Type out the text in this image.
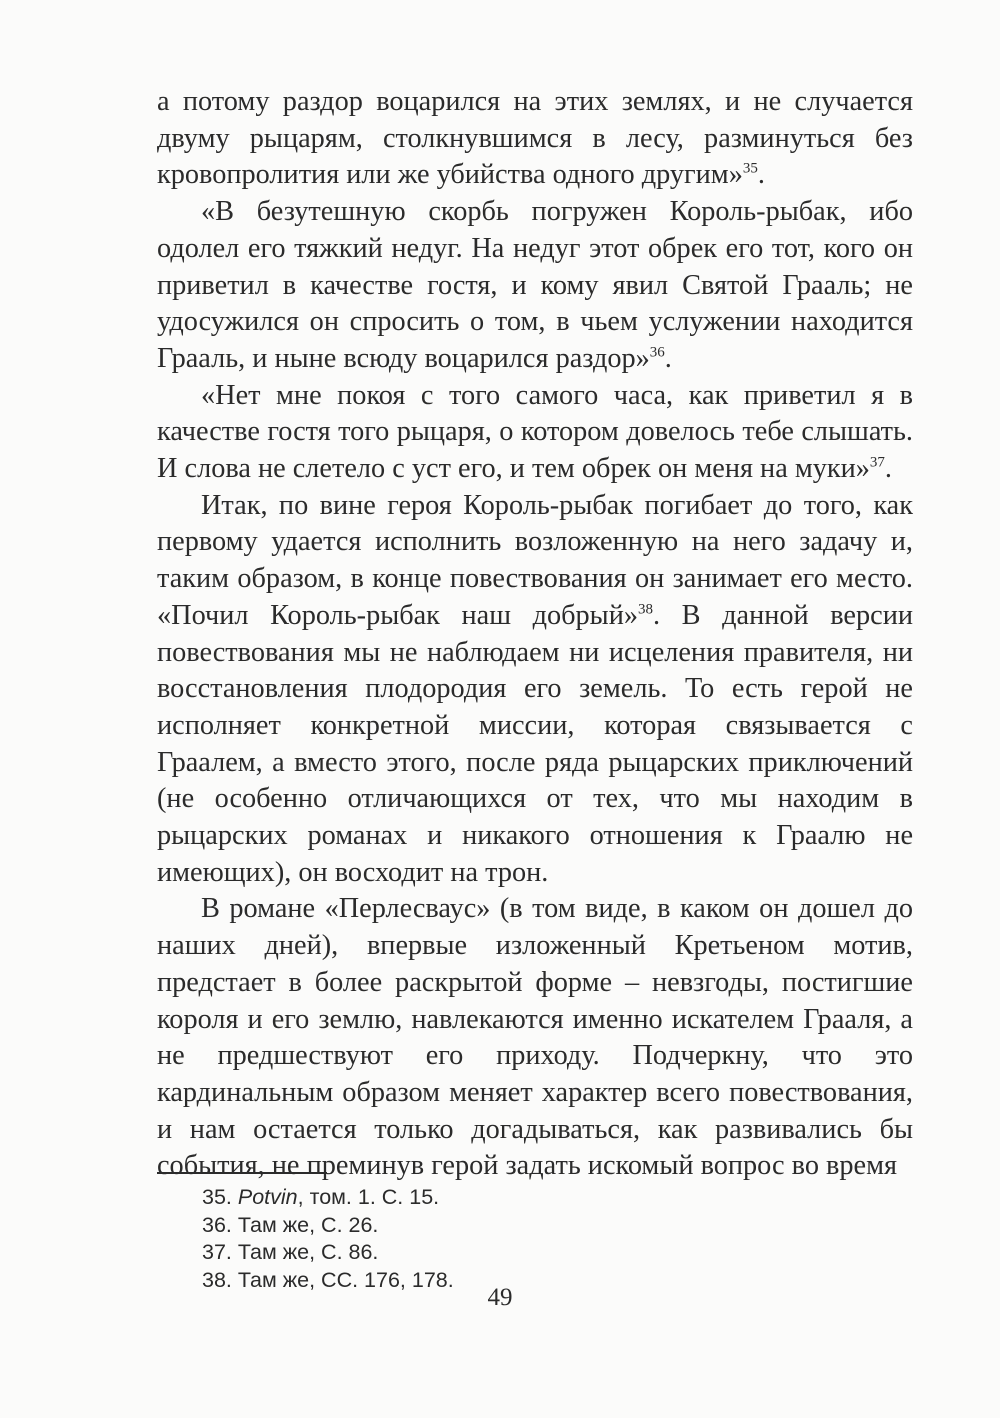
а потому раздор воцарился на этих землях, и не случается двуму рыцарям, столкнувшимся в лесу, разминуться без кровопролития или же убийства одного другим»$^{35}$.

«В безутешную скорбь погружен Король-рыбак, ибо одолел его тяжкий недуг. На недуг этот обрек его тот, кого он приветил в качестве гостя, и кому явил Святой Грааль; не удосужился он спросить о том, в чьем услужении находится Грааль, и ныне всюду воцарился раздор»$^{36}$.

«Нет мне покоя с того самого часа, как приветил я в качестве гостя того рыцаря, о котором довелось тебе слышать. И слова не слетело с уст его, и тем обрек он меня на муки»$^{37}$.

Итак, по вине героя Король-рыбак погибает до того, как первому удается исполнить возложенную на него задачу и, таким образом, в конце повествования он занимает его место. «Почил Король-рыбак наш добрый»$^{38}$. В данной версии повествования мы не наблюдаем ни исцеления правителя, ни восстановления плодородия его земель. То есть герой не исполняет конкретной миссии, которая связывается с Граалем, а вместо этого, после ряда рыцарских приключений (не особенно отличающихся от тех, что мы находим в рыцарских романах и никакого отношения к Граалю не имеющих), он восходит на трон.

В романе «Перлесваус» (в том виде, в каком он дошел до наших дней), впервые изложенный Кретьеном мотив, предстает в более раскрытой форме – невзгоды, постигшие короля и его землю, навлекаются именно искателем Грааля, а не предшествуют его приходу. Подчеркну, что это кардинальным образом меняет характер всего повествования, и нам остается только догадываться, как развивались бы события, не преминув герой задать искомый вопрос во время

35. Potvin, том. 1. С. 15.

36. Там же, С. 26.

37. Там же, С. 86.

38. Там же, СС. 176, 178.

49
